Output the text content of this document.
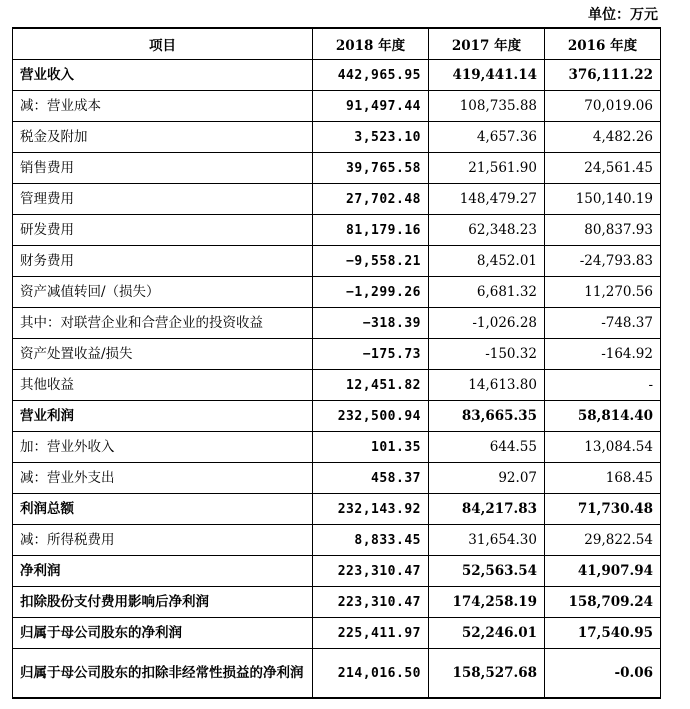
单位：万元
项目	2018 年度	2017 年度	2016 年度
营业收入	442,965.95	419,441.14	376,111.22
减：营业成本	91,497.44	108,735.88	70,019.06
税金及附加	3,523.10	4,657.36	4,482.26
销售费用	39,765.58	21,561.90	24,561.45
管理费用	27,702.48	148,479.27	150,140.19
研发费用	81,179.16	62,348.23	80,837.93
财务费用	−9,558.21	8,452.01	-24,793.83
资产减值转回/（损失）	−1,299.26	6,681.32	11,270.56
其中：对联营企业和合营企业的投资收益	−318.39	-1,026.28	-748.37
资产处置收益/损失	−175.73	-150.32	-164.92
其他收益	12,451.82	14,613.80	-
营业利润	232,500.94	83,665.35	58,814.40
加：营业外收入	101.35	644.55	13,084.54
减：营业外支出	458.37	92.07	168.45
利润总额	232,143.92	84,217.83	71,730.48
减：所得税费用	8,833.45	31,654.30	29,822.54
净利润	223,310.47	52,563.54	41,907.94
扣除股份支付费用影响后净利润	223,310.47	174,258.19	158,709.24
归属于母公司股东的净利润	225,411.97	52,246.01	17,540.95
归属于母公司股东的扣除非经常性损益的净利润	214,016.50	158,527.68	-0.06
